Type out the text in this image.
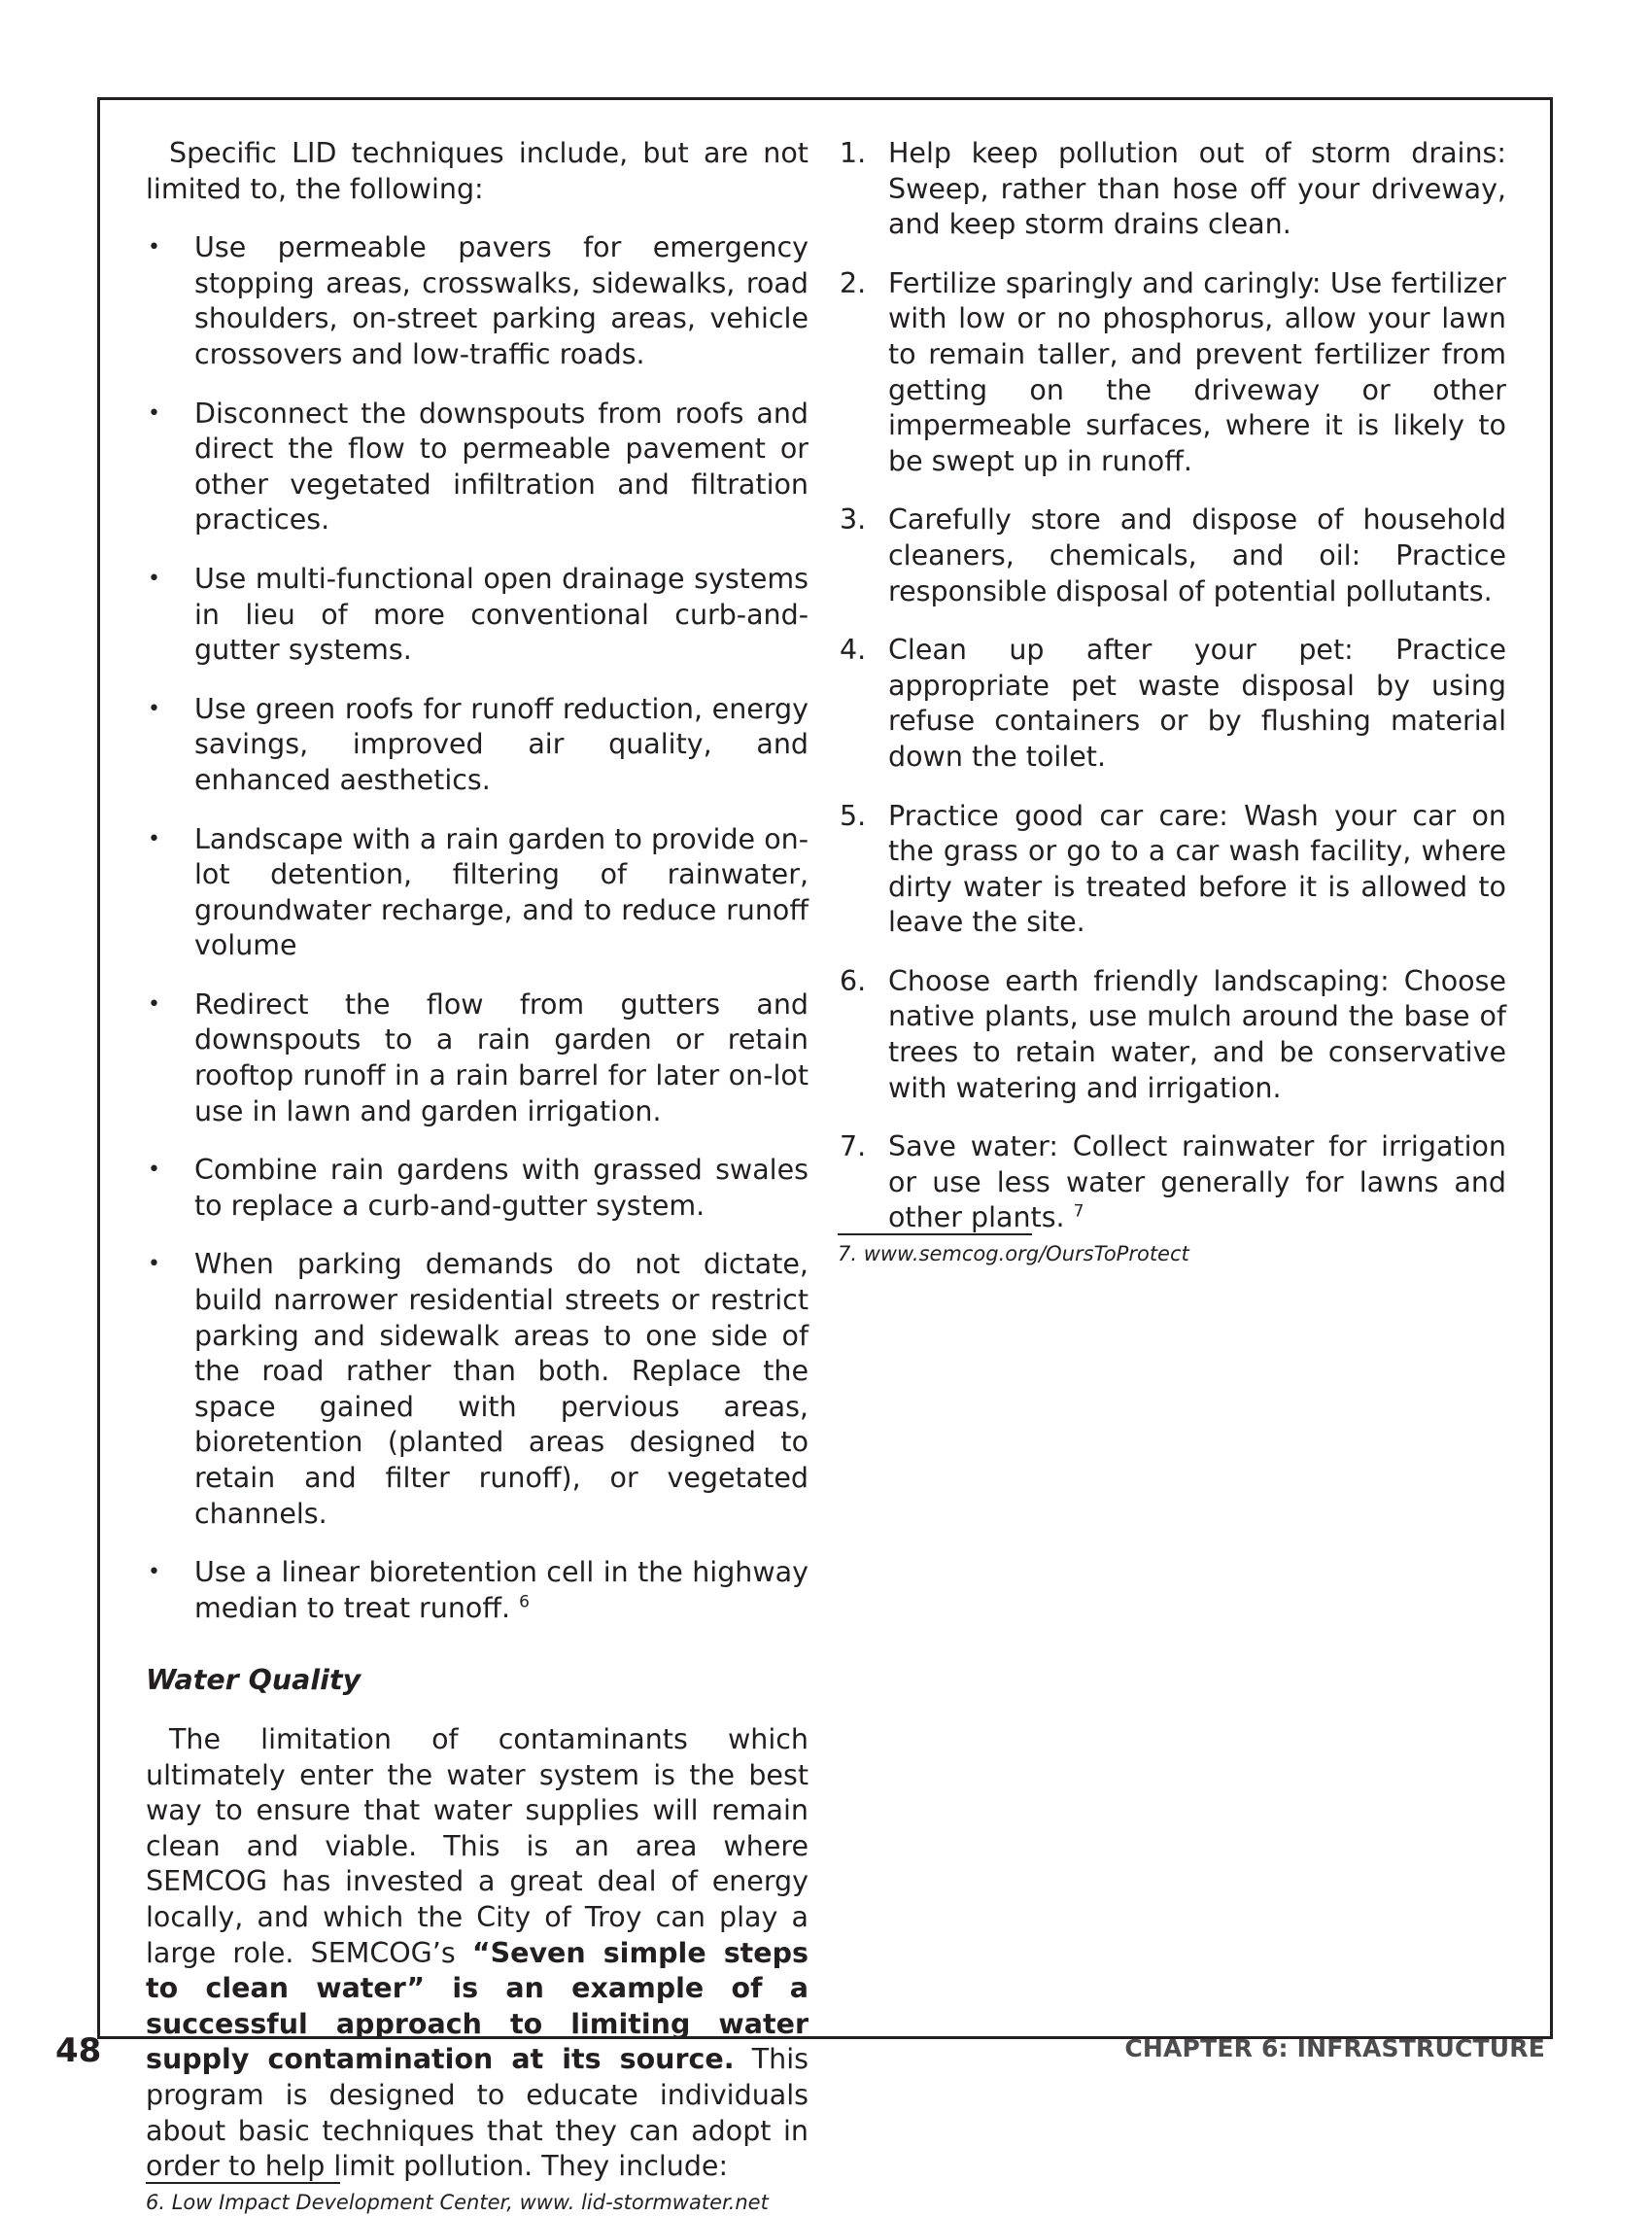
Specific LID techniques include, but are not limited to, the following:

• Use permeable pavers for emergency stopping areas, crosswalks, sidewalks, road shoulders, on-street parking areas, vehicle crossovers and low-traffic roads.
• Disconnect the downspouts from roofs and direct the flow to permeable pavement or other vegetated infiltration and filtration practices.
• Use multi-functional open drainage systems in lieu of more conventional curb-and-gutter systems.
• Use green roofs for runoff reduction, energy savings, improved air quality, and enhanced aesthetics.
• Landscape with a rain garden to provide on-lot detention, filtering of rainwater, groundwater recharge, and to reduce runoff volume
• Redirect the flow from gutters and downspouts to a rain garden or retain rooftop runoff in a rain barrel for later on-lot use in lawn and garden irrigation.
• Combine rain gardens with grassed swales to replace a curb-and-gutter system.
• When parking demands do not dictate, build narrower residential streets or restrict parking and sidewalk areas to one side of the road rather than both. Replace the space gained with pervious areas, bioretention (planted areas designed to retain and filter runoff), or vegetated channels.
• Use a linear bioretention cell in the highway median to treat runoff. $^6$

Water Quality

The limitation of contaminants which ultimately enter the water system is the best way to ensure that water supplies will remain clean and viable. This is an area where SEMCOG has invested a great deal of energy locally, and which the City of Troy can play a large role. SEMCOG’s “Seven simple steps to clean water” is an example of a successful approach to limiting water supply contamination at its source. This program is designed to educate individuals about basic techniques that they can adopt in order to help limit pollution. They include:

6. Low Impact Development Center, www. lid-stormwater.net

1. Help keep pollution out of storm drains: Sweep, rather than hose off your driveway, and keep storm drains clean.
2. Fertilize sparingly and caringly: Use fertilizer with low or no phosphorus, allow your lawn to remain taller, and prevent fertilizer from getting on the driveway or other impermeable surfaces, where it is likely to be swept up in runoff.
3. Carefully store and dispose of household cleaners, chemicals, and oil: Practice responsible disposal of potential pollutants.
4. Clean up after your pet: Practice appropriate pet waste disposal by using refuse containers or by flushing material down the toilet.
5. Practice good car care: Wash your car on the grass or go to a car wash facility, where dirty water is treated before it is allowed to leave the site.
6. Choose earth friendly landscaping: Choose native plants, use mulch around the base of trees to retain water, and be conservative with watering and irrigation.
7. Save water: Collect rainwater for irrigation or use less water generally for lawns and other plants. $^7$

7. www.semcog.org/OursToProtect

48	CHAPTER 6: INFRASTRUCTURE
